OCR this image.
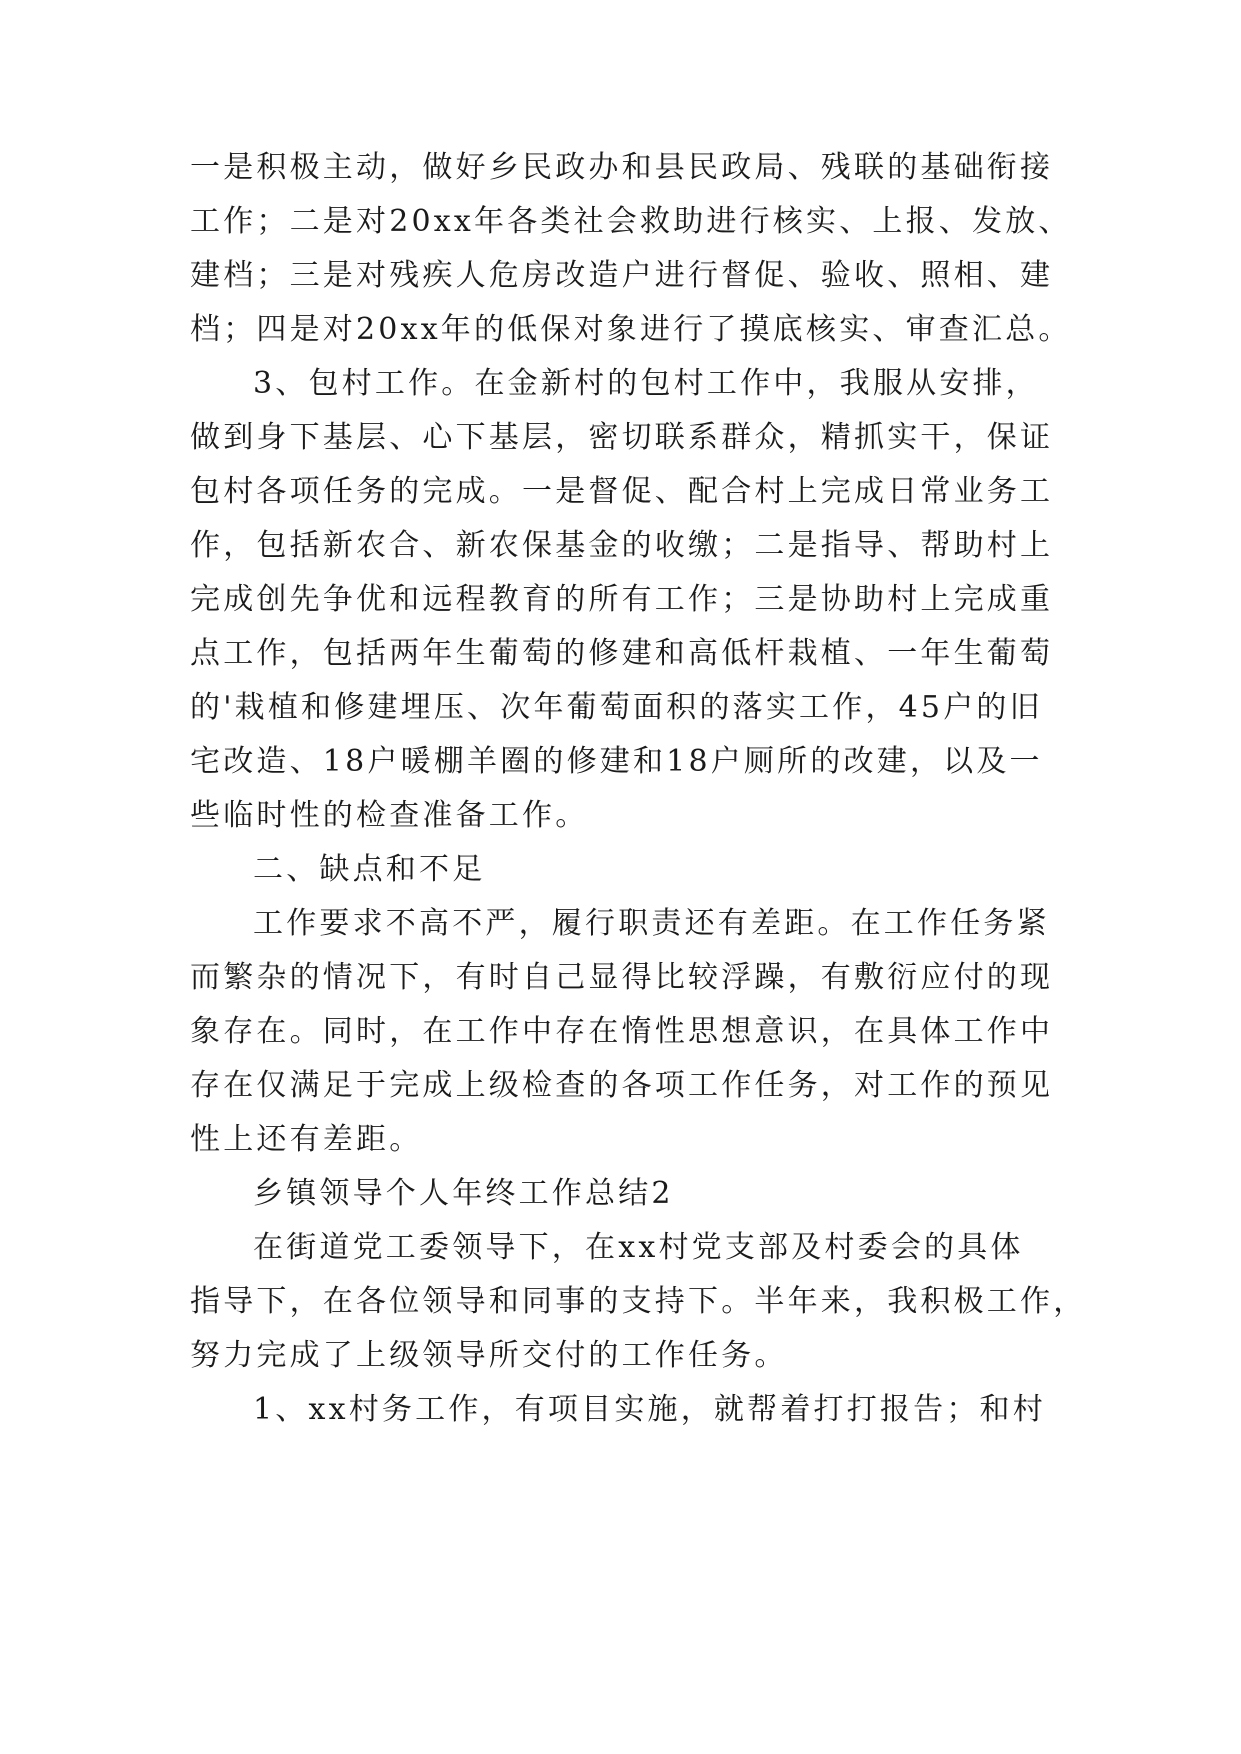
一是积极主动，做好乡民政办和县民政局、残联的基础衔接
工作；二是对20xx年各类社会救助进行核实、上报、发放、
建档；三是对残疾人危房改造户进行督促、验收、照相、建
档；四是对20xx年的低保对象进行了摸底核实、审查汇总。
3、包村工作。在金新村的包村工作中，我服从安排，
做到身下基层、心下基层，密切联系群众，精抓实干，保证
包村各项任务的完成。一是督促、配合村上完成日常业务工
作，包括新农合、新农保基金的收缴；二是指导、帮助村上
完成创先争优和远程教育的所有工作；三是协助村上完成重
点工作，包括两年生葡萄的修建和高低杆栽植、一年生葡萄
的'栽植和修建埋压、次年葡萄面积的落实工作，45户的旧
宅改造、18户暖棚羊圈的修建和18户厕所的改建，以及一
些临时性的检查准备工作。
二、缺点和不足
工作要求不高不严，履行职责还有差距。在工作任务紧
而繁杂的情况下，有时自己显得比较浮躁，有敷衍应付的现
象存在。同时，在工作中存在惰性思想意识，在具体工作中
存在仅满足于完成上级检查的各项工作任务，对工作的预见
性上还有差距。
乡镇领导个人年终工作总结2
在街道党工委领导下，在xx村党支部及村委会的具体
指导下，在各位领导和同事的支持下。半年来，我积极工作，
努力完成了上级领导所交付的工作任务。
1、xx村务工作，有项目实施，就帮着打打报告；和村
